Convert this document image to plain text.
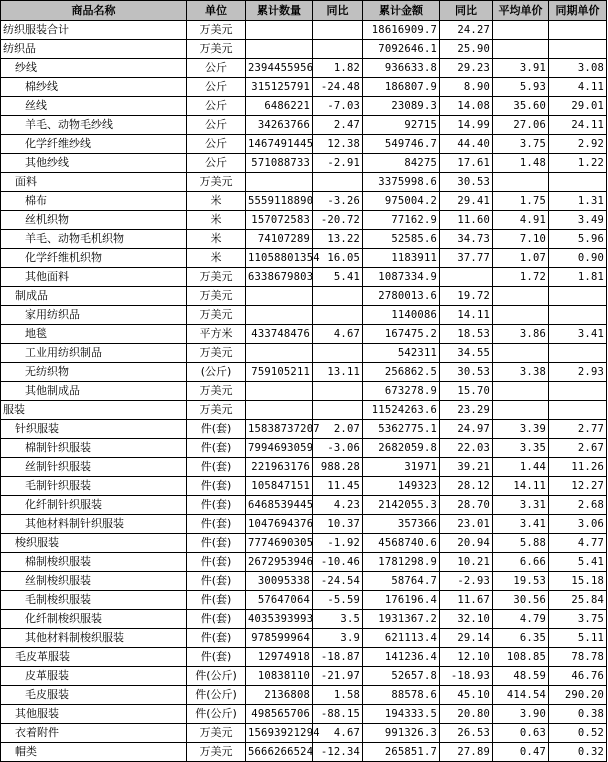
商品名称	单位	累计数量	同比	累计金额	同比	平均单价	同期单价
纺织服装合计	万美元			18616909.7	24.27		
纺织品	万美元			7092646.1	25.90		
纱线	公斤	2394455956	1.82	936633.8	29.23	3.91	3.08
棉纱线	公斤	315125791	-24.48	186807.9	8.90	5.93	4.11
丝线	公斤	6486221	-7.03	23089.3	14.08	35.60	29.01
羊毛、动物毛纱线	公斤	34263766	2.47	92715	14.99	27.06	24.11
化学纤维纱线	公斤	1467491445	12.38	549746.7	44.40	3.75	2.92
其他纱线	公斤	571088733	-2.91	84275	17.61	1.48	1.22
面料	万美元			3375998.6	30.53		
棉布	米	5559118890	-3.26	975004.2	29.41	1.75	1.31
丝机织物	米	157072583	-20.72	77162.9	11.60	4.91	3.49
羊毛、动物毛机织物	米	74107289	13.22	52585.6	34.73	7.10	5.96
化学纤维机织物	米	11058801354	16.05	1183911	37.77	1.07	0.90
其他面料	万美元	6338679803	5.41	1087334.9		1.72	1.81
制成品	万美元			2780013.6	19.72		
家用纺织品	万美元			1140086	14.11		
地毯	平方米	433748476	4.67	167475.2	18.53	3.86	3.41
工业用纺织制品	万美元			542311	34.55		
无纺织物	(公斤)	759105211	13.11	256862.5	30.53	3.38	2.93
其他制成品	万美元			673278.9	15.70		
服装	万美元			11524263.6	23.29		
针织服装	件(套)	15838737207	2.07	5362775.1	24.97	3.39	2.77
棉制针织服装	件(套)	7994693059	-3.06	2682059.8	22.03	3.35	2.67
丝制针织服装	件(套)	221963176	988.28	31971	39.21	1.44	11.26
毛制针织服装	件(套)	105847151	11.45	149323	28.12	14.11	12.27
化纤制针织服装	件(套)	6468539445	4.23	2142055.3	28.70	3.31	2.68
其他材料制针织服装	件(套)	1047694376	10.37	357366	23.01	3.41	3.06
梭织服装	件(套)	7774690305	-1.92	4568740.6	20.94	5.88	4.77
棉制梭织服装	件(套)	2672953946	-10.46	1781298.9	10.21	6.66	5.41
丝制梭织服装	件(套)	30095338	-24.54	58764.7	-2.93	19.53	15.18
毛制梭织服装	件(套)	57647064	-5.59	176196.4	11.67	30.56	25.84
化纤制梭织服装	件(套)	4035393993	3.5	1931367.2	32.10	4.79	3.75
其他材料制梭织服装	件(套)	978599964	3.9	621113.4	29.14	6.35	5.11
毛皮革服装	件(套)	12974918	-18.87	141236.4	12.10	108.85	78.78
皮革服装	件(公斤)	10838110	-21.97	52657.8	-18.93	48.59	46.76
毛皮服装	件(公斤)	2136808	1.58	88578.6	45.10	414.54	290.20
其他服装	件(公斤)	498565706	-88.15	194333.5	20.80	3.90	0.38
衣着附件	万美元	15693921294	4.67	991326.3	26.53	0.63	0.52
帽类	万美元	5666266524	-12.34	265851.7	27.89	0.47	0.32
